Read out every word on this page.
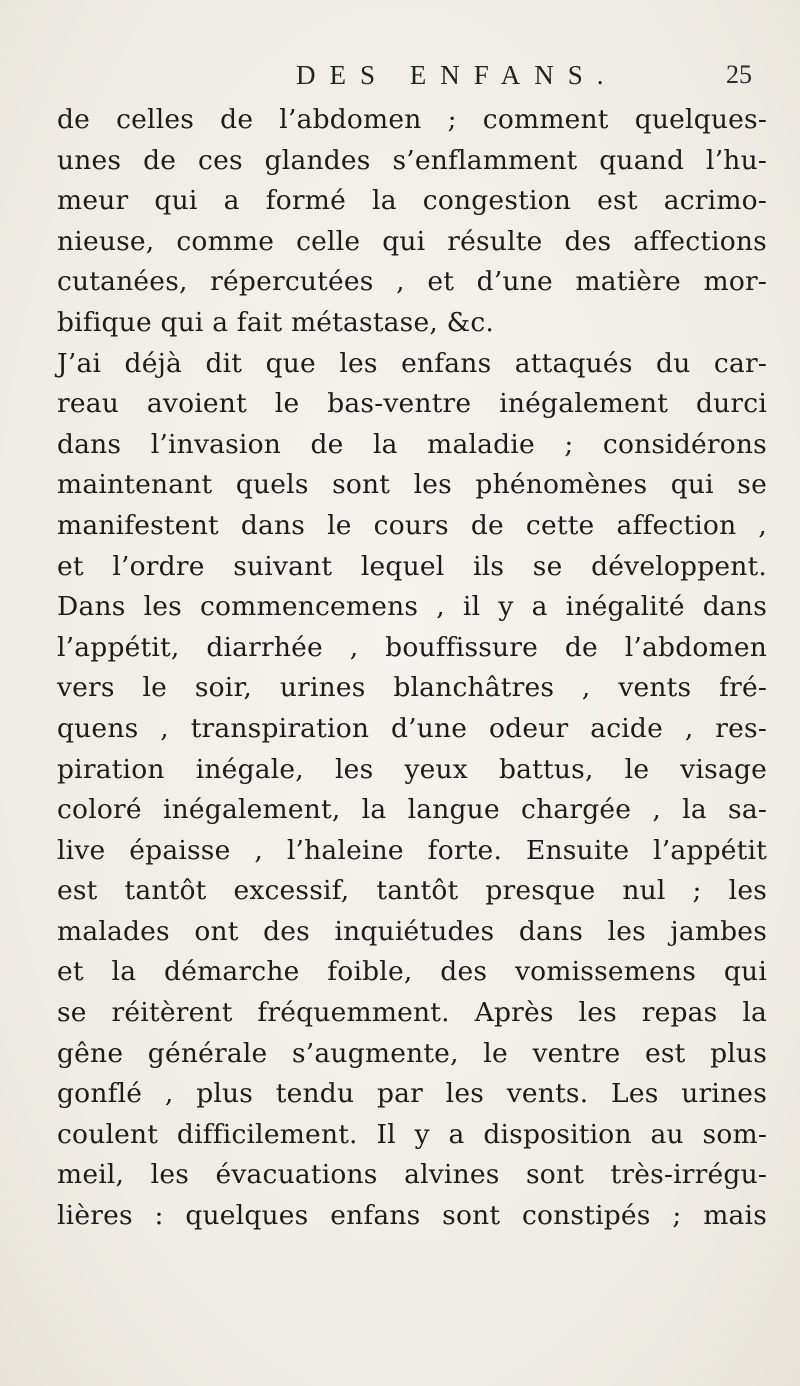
DES ENFANS.	25
de celles de l’abdomen ; comment quelques-
unes de ces glandes s’enflamment quand l’hu-
meur qui a formé la congestion est acrimo-
nieuse, comme celle qui résulte des affections
cutanées, répercutées , et d’une matière mor-
bifique qui a fait métastase, &c.
J’ai déjà dit que les enfans attaqués du car-
reau avoient le bas-ventre inégalement durci
dans l’invasion de la maladie ; considérons
maintenant quels sont les phénomènes qui se
manifestent dans le cours de cette affection ,
et l’ordre suivant lequel ils se développent.
Dans les commencemens , il y a inégalité dans
l’appétit, diarrhée , bouffissure de l’abdomen
vers le soir, urines blanchâtres , vents fré-
quens , transpiration d’une odeur acide , res-
piration inégale, les yeux battus, le visage
coloré inégalement, la langue chargée , la sa-
live épaisse , l’haleine forte. Ensuite l’appétit
est tantôt excessif, tantôt presque nul ; les
malades ont des inquiétudes dans les jambes
et la démarche foible, des vomissemens qui
se réitèrent fréquemment. Après les repas la
gêne générale s’augmente, le ventre est plus
gonflé , plus tendu par les vents. Les urines
coulent difficilement. Il y a disposition au som-
meil, les évacuations alvines sont très-irrégu-
lières : quelques enfans sont constipés ; mais
